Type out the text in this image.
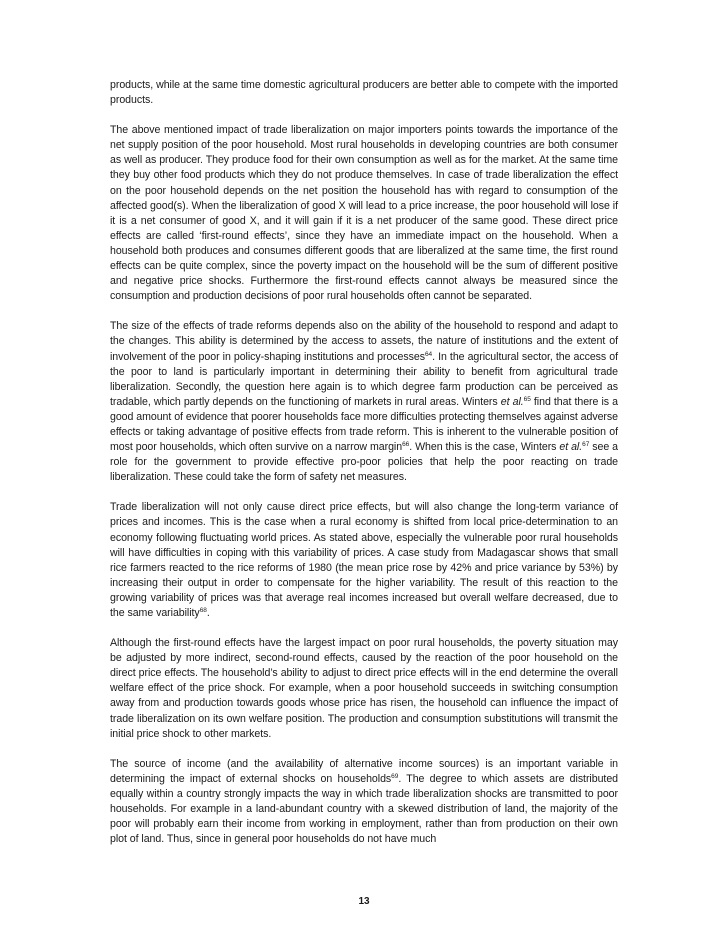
products, while at the same time domestic agricultural producers are better able to compete with the imported products.

The above mentioned impact of trade liberalization on major importers points towards the importance of the net supply position of the poor household. Most rural households in developing countries are both consumer as well as producer. They produce food for their own consumption as well as for the market. At the same time they buy other food products which they do not produce themselves. In case of trade liberalization the effect on the poor household depends on the net position the household has with regard to consumption of the affected good(s). When the liberalization of good X will lead to a price increase, the poor household will lose if it is a net consumer of good X, and it will gain if it is a net producer of the same good. These direct price effects are called ‘first-round effects’, since they have an immediate impact on the household. When a household both produces and consumes different goods that are liberalized at the same time, the first round effects can be quite complex, since the poverty impact on the household will be the sum of different positive and negative price shocks. Furthermore the first-round effects cannot always be measured since the consumption and production decisions of poor rural households often cannot be separated.

The size of the effects of trade reforms depends also on the ability of the household to respond and adapt to the changes. This ability is determined by the access to assets, the nature of institutions and the extent of involvement of the poor in policy-shaping institutions and processes$^{64}$. In the agricultural sector, the access of the poor to land is particularly important in determining their ability to benefit from agricultural trade liberalization. Secondly, the question here again is to which degree farm production can be perceived as tradable, which partly depends on the functioning of markets in rural areas. Winters et al.$^{65}$ find that there is a good amount of evidence that poorer households face more difficulties protecting themselves against adverse effects or taking advantage of positive effects from trade reform. This is inherent to the vulnerable position of most poor households, which often survive on a narrow margin$^{66}$. When this is the case, Winters et al.$^{67}$ see a role for the government to provide effective pro-poor policies that help the poor reacting on trade liberalization. These could take the form of safety net measures.

Trade liberalization will not only cause direct price effects, but will also change the long-term variance of prices and incomes. This is the case when a rural economy is shifted from local price-determination to an economy following fluctuating world prices. As stated above, especially the vulnerable poor rural households will have difficulties in coping with this variability of prices. A case study from Madagascar shows that small rice farmers reacted to the rice reforms of 1980 (the mean price rose by 42% and price variance by 53%) by increasing their output in order to compensate for the higher variability. The result of this reaction to the growing variability of prices was that average real incomes increased but overall welfare decreased, due to the same variability$^{68}$.

Although the first-round effects have the largest impact on poor rural households, the poverty situation may be adjusted by more indirect, second-round effects, caused by the reaction of the poor household on the direct price effects. The household’s ability to adjust to direct price effects will in the end determine the overall welfare effect of the price shock. For example, when a poor household succeeds in switching consumption away from and production towards goods whose price has risen, the household can influence the impact of trade liberalization on its own welfare position. The production and consumption substitutions will transmit the initial price shock to other markets.

The source of income (and the availability of alternative income sources) is an important variable in determining the impact of external shocks on households$^{69}$. The degree to which assets are distributed equally within a country strongly impacts the way in which trade liberalization shocks are transmitted to poor households. For example in a land-abundant country with a skewed distribution of land, the majority of the poor will probably earn their income from working in employment, rather than from production on their own plot of land. Thus, since in general poor households do not have much

13
